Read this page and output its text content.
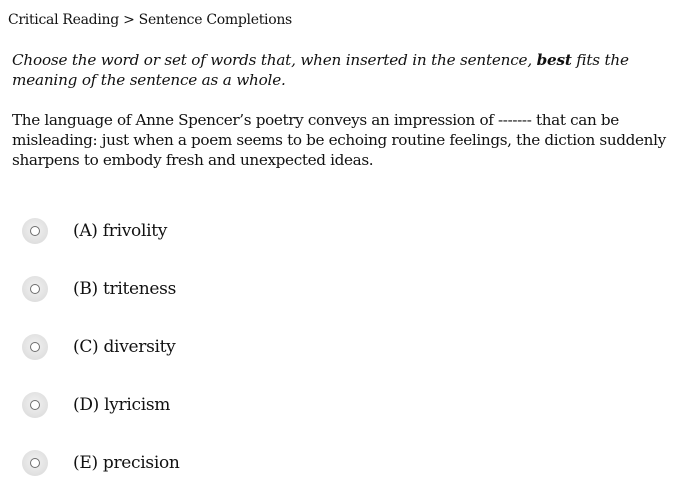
Critical Reading > Sentence Completions
Choose the word or set of words that, when inserted in the sentence, best fits the meaning of the sentence as a whole.
The language of Anne Spencer’s poetry conveys an impression of ------- that can be misleading: just when a poem seems to be echoing routine feelings, the diction suddenly sharpens to embody fresh and unexpected ideas.
(A) frivolity
(B) triteness
(C) diversity
(D) lyricism
(E) precision
